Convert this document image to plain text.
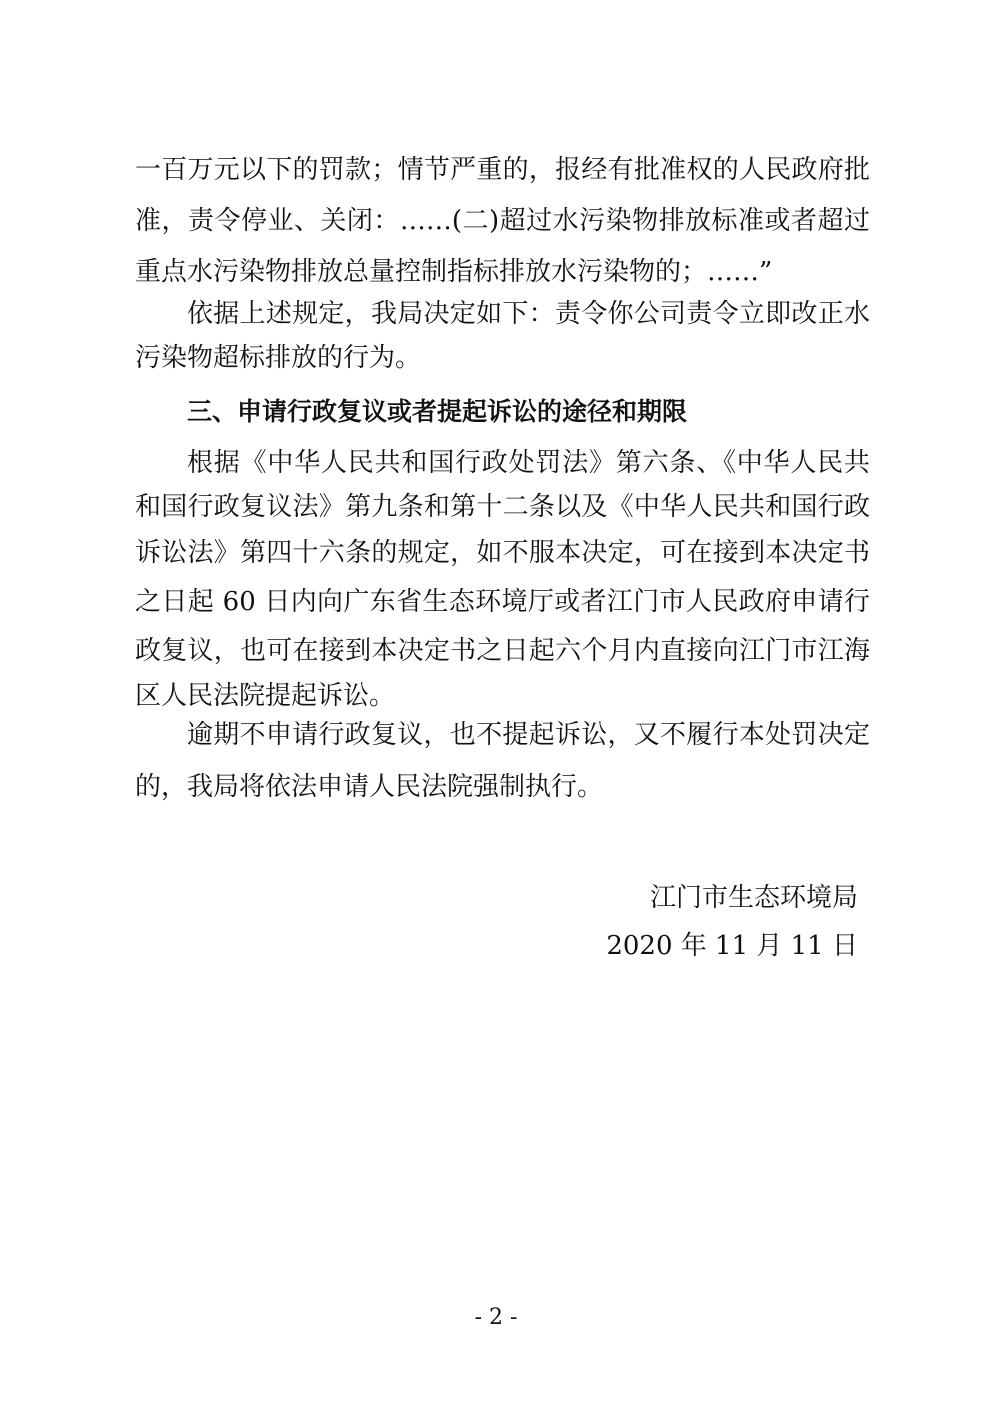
一百万元以下的罚款；情节严重的，报经有批准权的人民政府批
准，责令停业、关闭：……(二)超过水污染物排放标准或者超过
重点水污染物排放总量控制指标排放水污染物的；……”
依据上述规定，我局决定如下：责令你公司责令立即改正水
污染物超标排放的行为。
三、申请行政复议或者提起诉讼的途径和期限
根据《中华人民共和国行政处罚法》第六条、《中华人民共
和国行政复议法》第九条和第十二条以及《中华人民共和国行政
诉讼法》第四十六条的规定，如不服本决定，可在接到本决定书
之日起 60 日内向广东省生态环境厅或者江门市人民政府申请行
政复议，也可在接到本决定书之日起六个月内直接向江门市江海
区人民法院提起诉讼。
逾期不申请行政复议，也不提起诉讼，又不履行本处罚决定
的，我局将依法申请人民法院强制执行。
江门市生态环境局
2020 年 11 月 11 日
- 2 -
